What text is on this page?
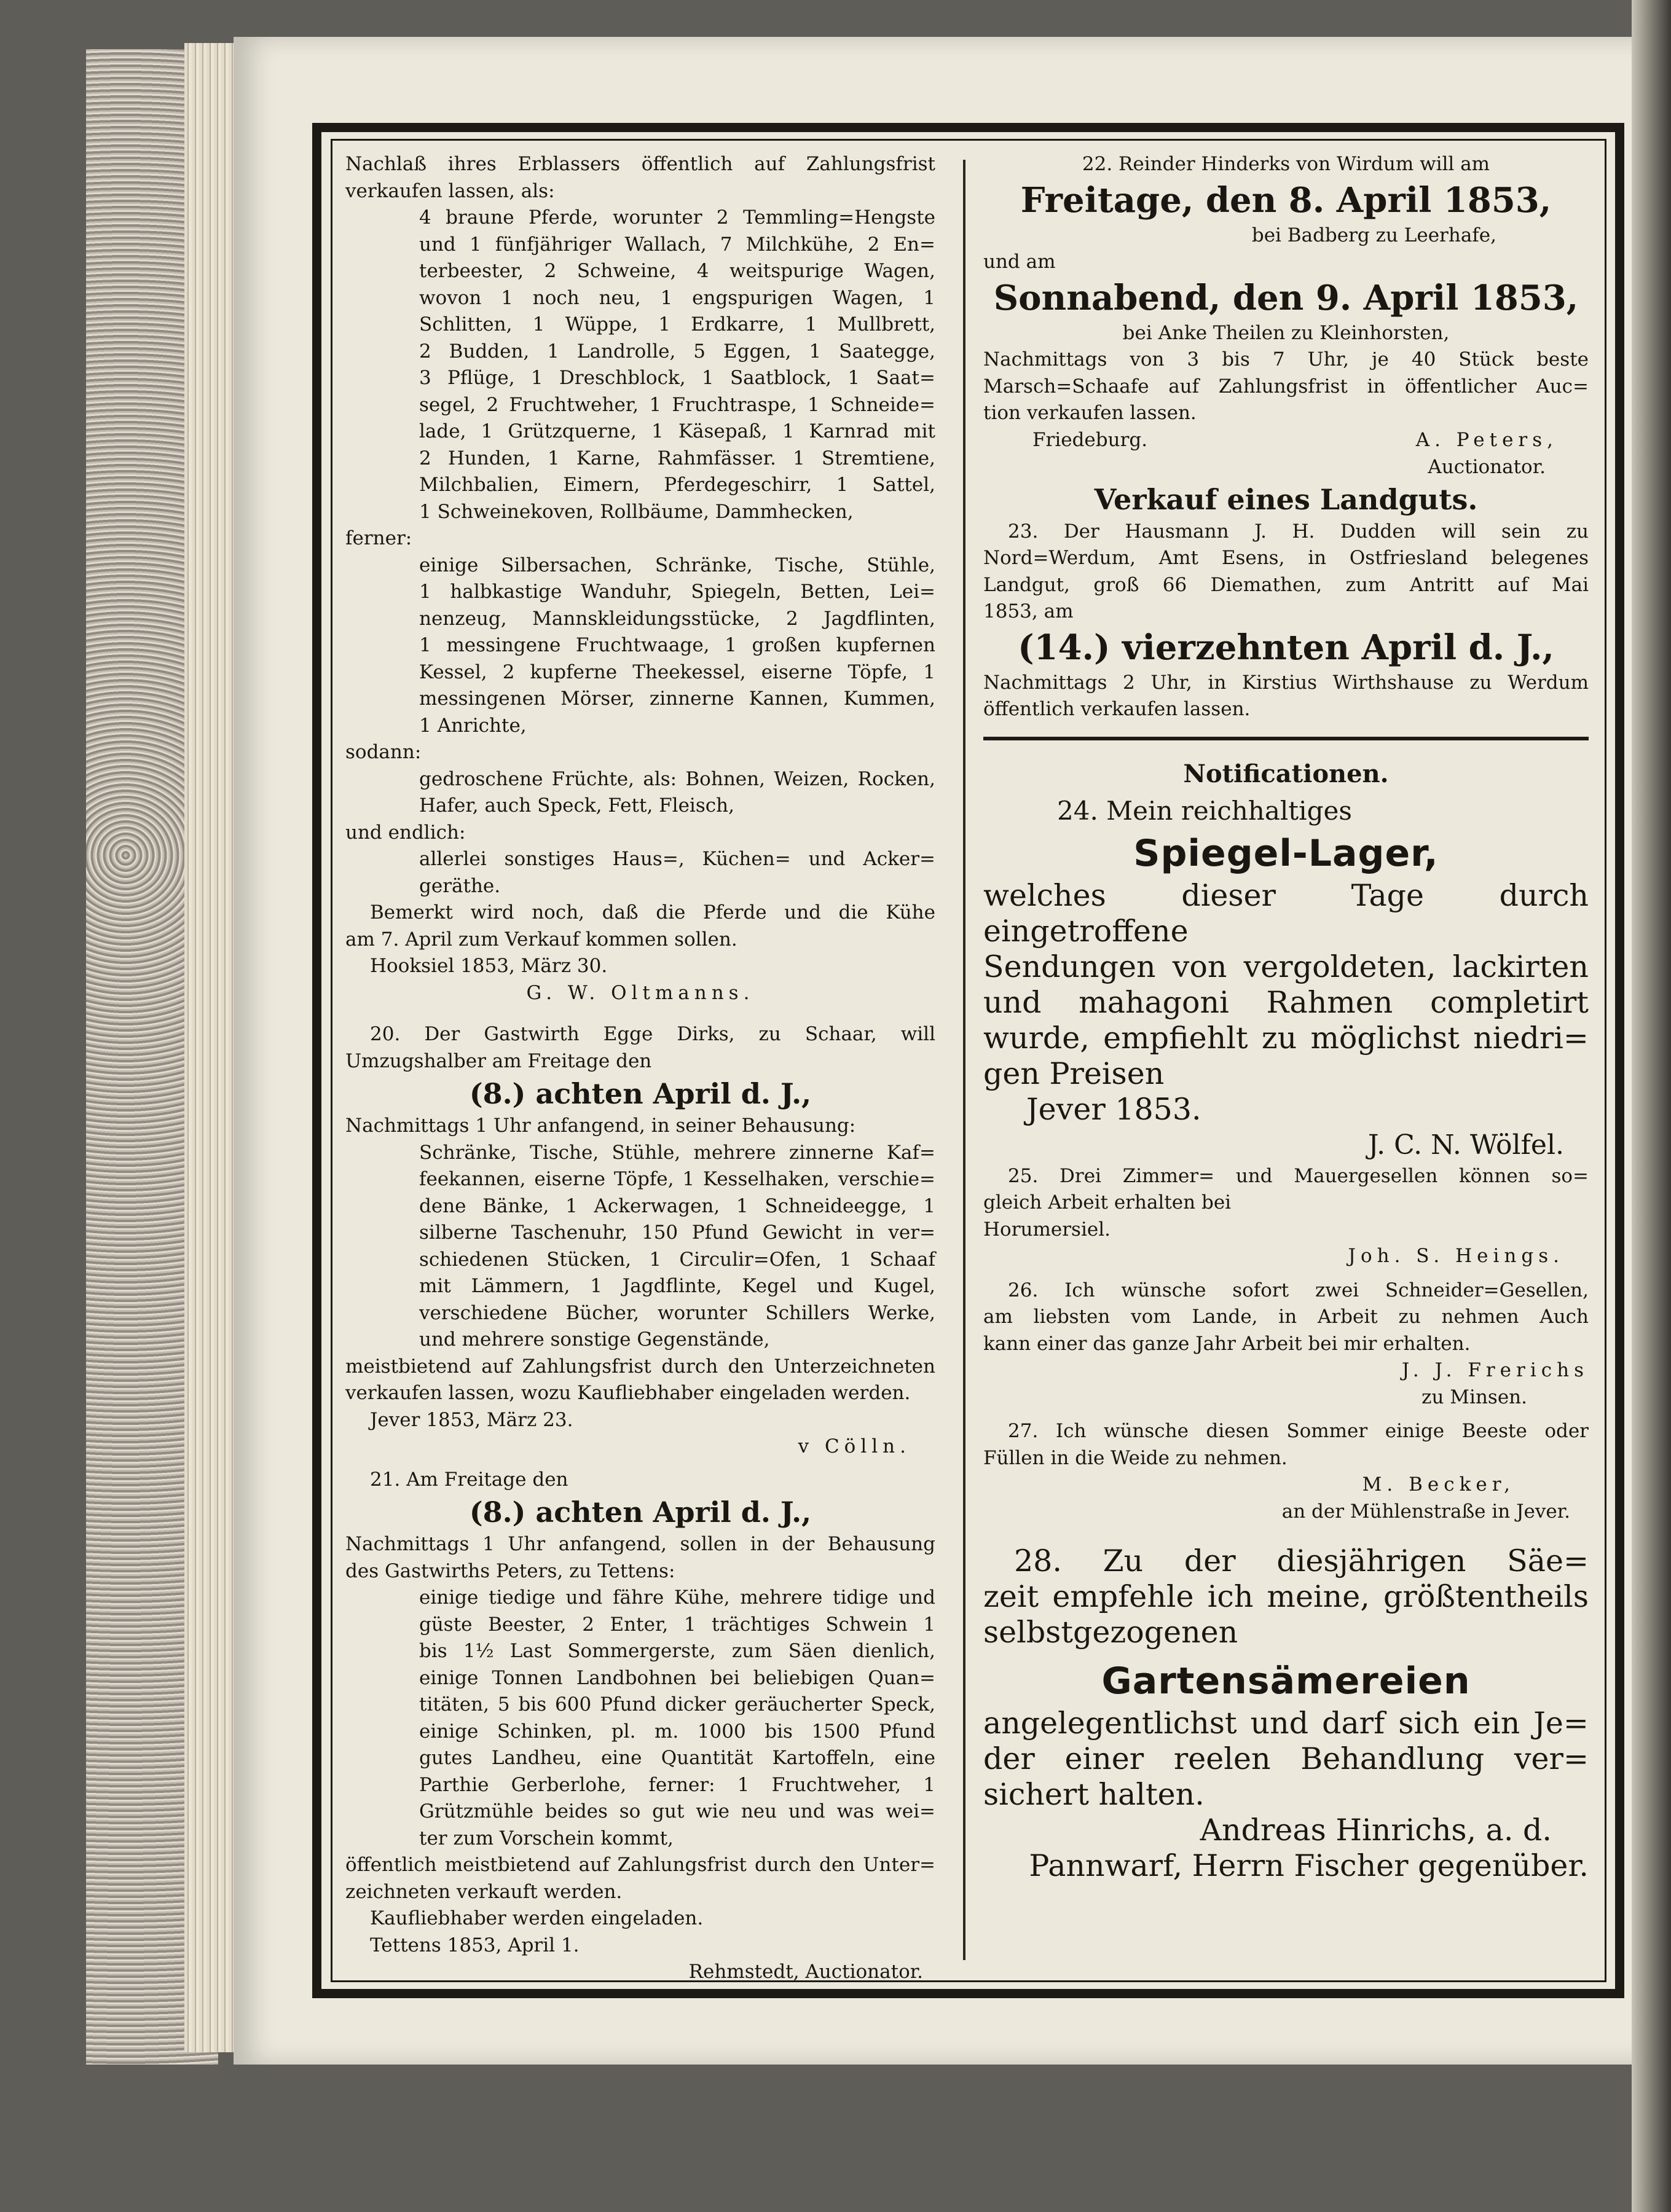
Nachlaß ihres Erblassers öffentlich auf Zahlungsfrist
verkaufen lassen, als:
4 braune Pferde, worunter 2 Temmling=Hengste
und 1 fünfjähriger Wallach, 7 Milchkühe, 2 En=
terbeester, 2 Schweine, 4 weitspurige Wagen,
wovon 1 noch neu, 1 engspurigen Wagen, 1
Schlitten, 1 Wüppe, 1 Erdkarre, 1 Mullbrett,
2 Budden, 1 Landrolle, 5 Eggen, 1 Saategge,
3 Pflüge, 1 Dreschblock, 1 Saatblock, 1 Saat=
segel, 2 Fruchtweher, 1 Fruchtraspe, 1 Schneide=
lade, 1 Grützquerne, 1 Käsepaß, 1 Karnrad mit
2 Hunden, 1 Karne, Rahmfässer. 1 Stremtiene,
Milchbalien, Eimern, Pferdegeschirr, 1 Sattel,
1 Schweinekoven, Rollbäume, Dammhecken,
ferner:
einige Silbersachen, Schränke, Tische, Stühle,
1 halbkastige Wanduhr, Spiegeln, Betten, Lei=
nenzeug, Mannskleidungsstücke, 2 Jagdflinten,
1 messingene Fruchtwaage, 1 großen kupfernen
Kessel, 2 kupferne Theekessel, eiserne Töpfe, 1
messingenen Mörser, zinnerne Kannen, Kummen,
1 Anrichte,
sodann:
gedroschene Früchte, als: Bohnen, Weizen, Rocken,
Hafer, auch Speck, Fett, Fleisch,
und endlich:
allerlei sonstiges Haus=, Küchen= und Acker=
geräthe.
Bemerkt wird noch, daß die Pferde und die Kühe
am 7. April zum Verkauf kommen sollen.
Hooksiel 1853, März 30.
G. W. Oltmanns.
20. Der Gastwirth Egge Dirks, zu Schaar, will
Umzugshalber am Freitage den
(8.) achten April d. J.,
Nachmittags 1 Uhr anfangend, in seiner Behausung:
Schränke, Tische, Stühle, mehrere zinnerne Kaf=
feekannen, eiserne Töpfe, 1 Kesselhaken, verschie=
dene Bänke, 1 Ackerwagen, 1 Schneideegge, 1
silberne Taschenuhr, 150 Pfund Gewicht in ver=
schiedenen Stücken, 1 Circulir=Ofen, 1 Schaaf
mit Lämmern, 1 Jagdflinte, Kegel und Kugel,
verschiedene Bücher, worunter Schillers Werke,
und mehrere sonstige Gegenstände,
meistbietend auf Zahlungsfrist durch den Unterzeichneten
verkaufen lassen, wozu Kaufliebhaber eingeladen werden.
Jever 1853, März 23.
v Cölln.
21. Am Freitage den
(8.) achten April d. J.,
Nachmittags 1 Uhr anfangend, sollen in der Behausung
des Gastwirths Peters, zu Tettens:
einige tiedige und fähre Kühe, mehrere tidige und
güste Beester, 2 Enter, 1 trächtiges Schwein 1
bis 1½ Last Sommergerste, zum Säen dienlich,
einige Tonnen Landbohnen bei beliebigen Quan=
titäten, 5 bis 600 Pfund dicker geräucherter Speck,
einige Schinken, pl. m. 1000 bis 1500 Pfund
gutes Landheu, eine Quantität Kartoffeln, eine
Parthie Gerberlohe, ferner: 1 Fruchtweher, 1
Grützmühle beides so gut wie neu und was wei=
ter zum Vorschein kommt,
öffentlich meistbietend auf Zahlungsfrist durch den Unter=
zeichneten verkauft werden.
Kaufliebhaber werden eingeladen.
Tettens 1853, April 1.
Rehmstedt, Auctionator.
22. Reinder Hinderks von Wirdum will am
Freitage, den 8. April 1853,
bei Badberg zu Leerhafe,
und am
Sonnabend, den 9. April 1853,
bei Anke Theilen zu Kleinhorsten,
Nachmittags von 3 bis 7 Uhr, je 40 Stück beste
Marsch=Schaafe auf Zahlungsfrist in öffentlicher Auc=
tion verkaufen lassen.
Friedeburg.	A. Peters,
Auctionator.
Verkauf eines Landguts.
23. Der Hausmann J. H. Dudden will sein zu
Nord=Werdum, Amt Esens, in Ostfriesland belegenes
Landgut, groß 66 Diemathen, zum Antritt auf Mai
1853, am
(14.) vierzehnten April d. J.,
Nachmittags 2 Uhr, in Kirstius Wirthshause zu Werdum
öffentlich verkaufen lassen.
Notificationen.
24. Mein reichhaltiges
Spiegel-Lager,
welches dieser Tage durch eingetroffene
Sendungen von vergoldeten, lackirten
und mahagoni Rahmen completirt
wurde, empfiehlt zu möglichst niedri=
gen Preisen
Jever 1853.
J. C. N. Wölfel.
25. Drei Zimmer= und Mauergesellen können so=
gleich Arbeit erhalten bei
Horumersiel.
Joh. S. Heings.
26. Ich wünsche sofort zwei Schneider=Gesellen,
am liebsten vom Lande, in Arbeit zu nehmen Auch
kann einer das ganze Jahr Arbeit bei mir erhalten.
J. J. Frerichs
zu Minsen.
27. Ich wünsche diesen Sommer einige Beeste oder
Füllen in die Weide zu nehmen.
M. Becker,
an der Mühlenstraße in Jever.
28. Zu der diesjährigen Säe=
zeit empfehle ich meine, größtentheils
selbstgezogenen
Gartensämereien
angelegentlichst und darf sich ein Je=
der einer reelen Behandlung ver=
sichert halten.
Andreas Hinrichs, a. d.
Pannwarf, Herrn Fischer gegenüber.
